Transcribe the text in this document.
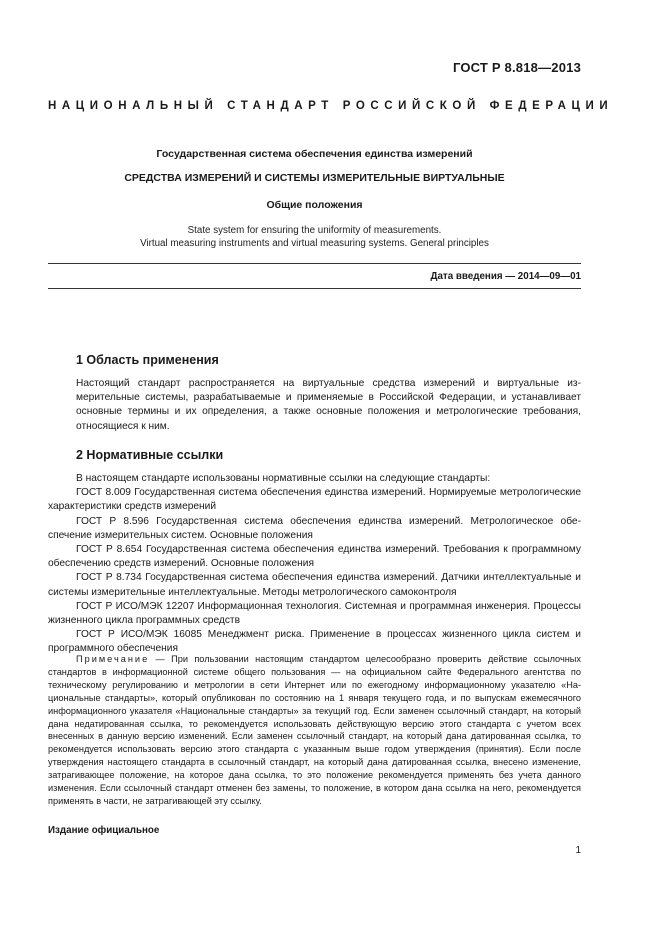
ГОСТ Р 8.818—2013
НАЦИОНАЛЬНЫЙ СТАНДАРТ РОССИЙСКОЙ ФЕДЕРАЦИИ
Государственная система обеспечения единства измерений
СРЕДСТВА ИЗМЕРЕНИЙ И СИСТЕМЫ ИЗМЕРИТЕЛЬНЫЕ ВИРТУАЛЬНЫЕ
Общие положения
State system for ensuring the uniformity of measurements.
Virtual measuring instruments and virtual measuring systems. General principles
Дата введения — 2014—09—01
1 Область применения

Настоящий стандарт распространяется на виртуальные средства измерений и виртуальные измерительные системы, разрабатываемые и применяемые в Российской Федерации, и устанавливает основные термины и их определения, а также основные положения и метрологические требования, относящиеся к ним.

2 Нормативные ссылки

В настоящем стандарте использованы нормативные ссылки на следующие стандарты:

ГОСТ 8.009 Государственная система обеспечения единства измерений. Нормируемые метрологические характеристики средств измерений

ГОСТ Р 8.596 Государственная система обеспечения единства измерений. Метрологическое обеспечение измерительных систем. Основные положения

ГОСТ Р 8.654 Государственная система обеспечения единства измерений. Требования к программному обеспечению средств измерений. Основные положения

ГОСТ Р 8.734 Государственная система обеспечения единства измерений. Датчики интеллектуальные и системы измерительные интеллектуальные. Методы метрологического самоконтроля

ГОСТ Р ИСО/МЭК 12207 Информационная технология. Системная и программная инженерия. Процессы жизненного цикла программных средств

ГОСТ Р ИСО/МЭК 16085 Менеджмент риска. Применение в процессах жизненного цикла систем и программного обеспечения

Примечание — При пользовании настоящим стандартом целесообразно проверить действие ссылочных стандартов в информационной системе общего пользования — на официальном сайте Федерального агентства по техническому регулированию и метрологии в сети Интернет или по ежегодному информационному указателю «Национальные стандарты», который опубликован по состоянию на 1 января текущего года, и по выпускам ежемесячного информационного указателя «Национальные стандарты» за текущий год. Если заменен ссылочный стандарт, на который дана недатированная ссылка, то рекомендуется использовать действующую версию этого стандарта с учетом всех внесенных в данную версию изменений. Если заменен ссылочный стандарт, на который дана датированная ссылка, то рекомендуется использовать версию этого стандарта с указанным выше годом утверждения (принятия). Если после утверждения настоящего стандарта в ссылочный стандарт, на который дана датированная ссылка, внесено изменение, затрагивающее положение, на которое дана ссылка, то это положение рекомендуется применять без учета данного изменения. Если ссылочный стандарт отменен без замены, то положение, в котором дана ссылка на него, рекомендуется применять в части, не затрагивающей эту ссылку.

Издание официальное
1
